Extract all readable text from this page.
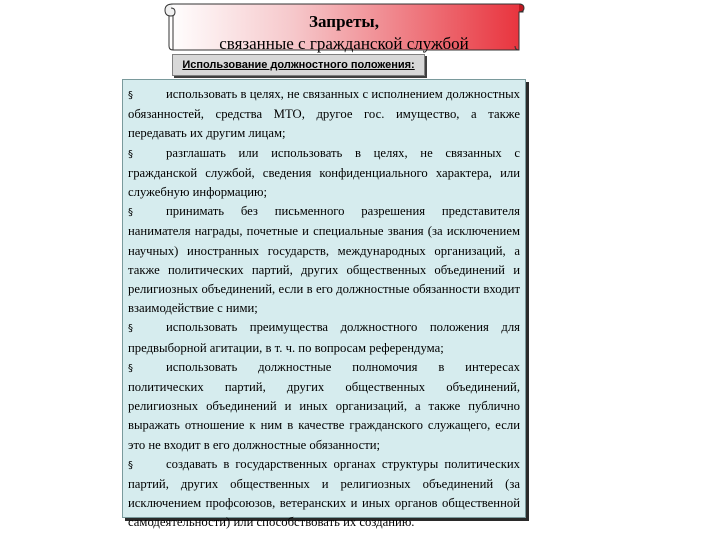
Запреты,
связанные с гражданской службой
Использование должностного положения:

§	использовать в целях, не связанных с исполнением должностных обязанностей, средства МТО, другое гос. имущество, а также передавать их другим лицам;

§	разглашать или использовать в целях, не связанных с гражданской службой, сведения конфиденциального характера, или служебную информацию;

§	принимать без письменного разрешения представителя нанимателя награды, почетные и специальные звания (за исключением научных) иностранных государств, международных организаций, а также политических партий, других общественных объединений и религиозных объединений, если в его должностные обязанности входит взаимодействие с ними;

§	использовать преимущества должностного положения для предвыборной агитации, в т. ч. по вопросам референдума;

§	использовать должностные полномочия в интересах политических партий, других общественных объединений, религиозных объединений и иных организаций, а также публично выражать отношение к ним в качестве гражданского служащего, если это не входит в его должностные обязанности;

§	создавать в государственных органах структуры политических партий, других общественных и религиозных объединений (за исключением профсоюзов, ветеранских и иных органов общественной самодеятельности) или способствовать их созданию.
